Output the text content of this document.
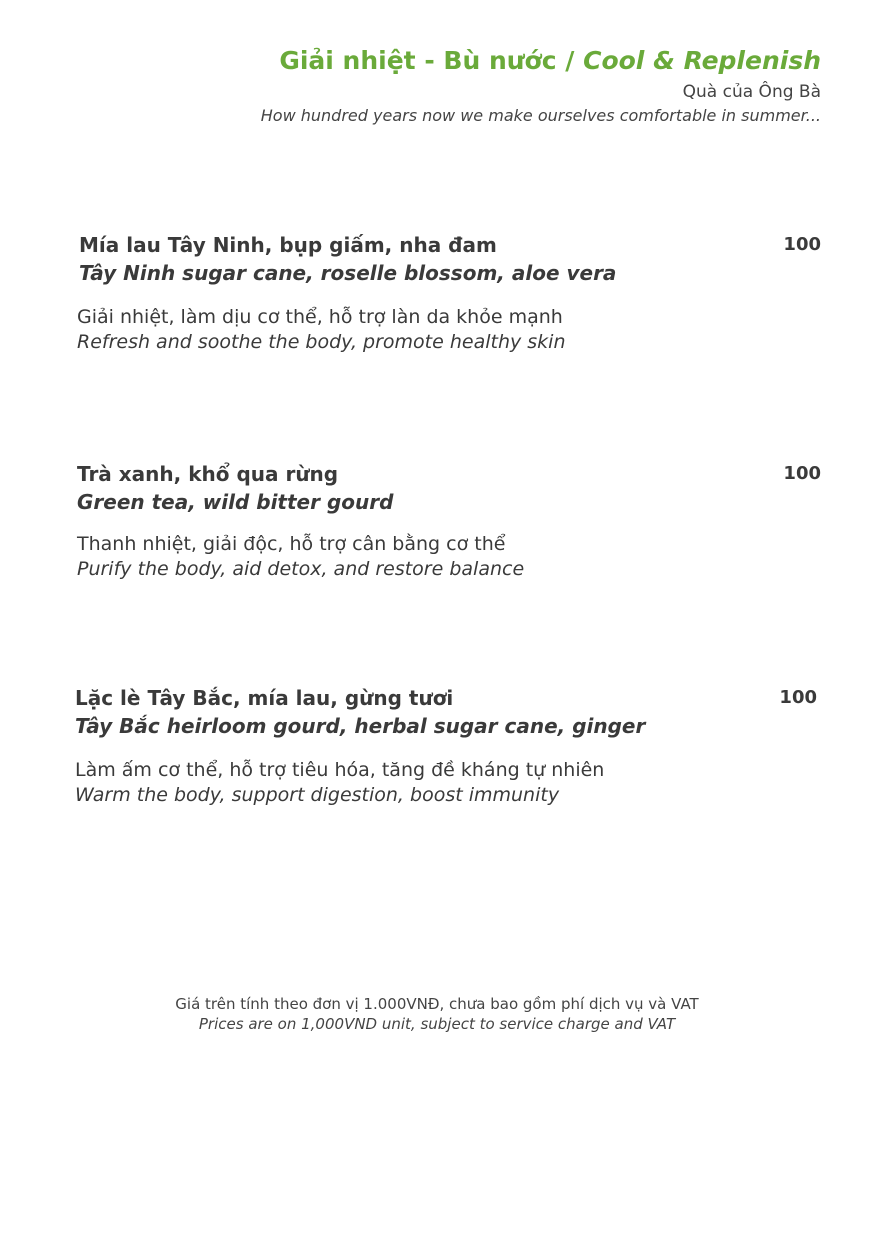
Giải nhiệt - Bù nước / Cool & Replenish
Quà của Ông Bà
How hundred years now we make ourselves comfortable in summer...
Mía lau Tây Ninh, bụp giấm, nha đam
Tây Ninh sugar cane, roselle blossom, aloe vera
100
Giải nhiệt, làm dịu cơ thể, hỗ trợ làn da khỏe mạnh
Refresh and soothe the body, promote healthy skin
Trà xanh, khổ qua rừng
Green tea, wild bitter gourd
100
Thanh nhiệt, giải độc, hỗ trợ cân bằng cơ thể
Purify the body, aid detox, and restore balance
Lặc lè Tây Bắc, mía lau, gừng tươi
Tây Bắc heirloom gourd, herbal sugar cane, ginger
100
Làm ấm cơ thể, hỗ trợ tiêu hóa, tăng đề kháng tự nhiên
Warm the body, support digestion, boost immunity
Giá trên tính theo đơn vị 1.000VNĐ, chưa bao gồm phí dịch vụ và VAT
Prices are on 1,000VND unit, subject to service charge and VAT
